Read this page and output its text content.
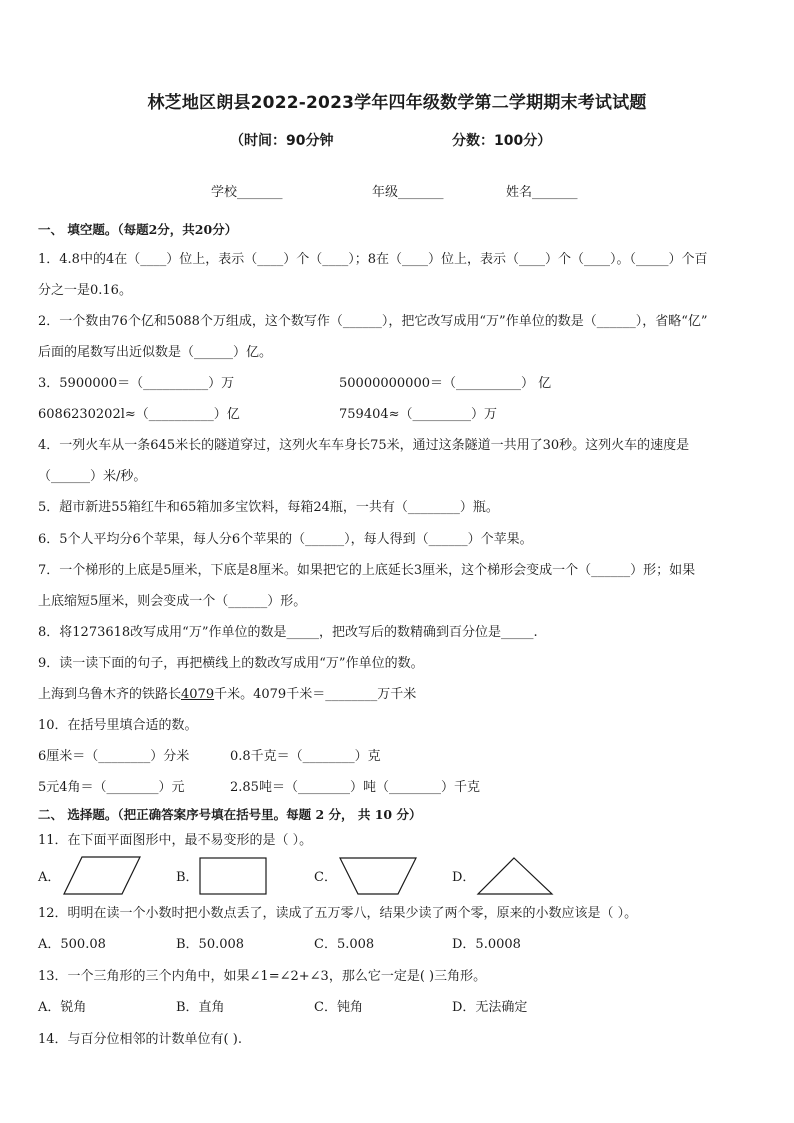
林芝地区朗县2022-2023学年四年级数学第二学期期末考试试题
（时间：90分钟	分数：100分）
学校_______	年级_______	姓名_______
一、 填空题。（每题2分，共20分）
1．4.8中的4在（____）位上，表示（____）个（____）；8在（____）位上，表示（____）个（____）。（_____）个百
分之一是0.16。
2．一个数由76个亿和5088个万组成，这个数写作（______），把它改写成用“万”作单位的数是（______），省略“亿”
后面的尾数写出近似数是（______）亿。
3．5900000＝（__________）万	50000000000＝（__________） 亿
6086230202l≈（__________）亿	759404≈（_________）万
4．一列火车从一条645米长的隧道穿过，这列火车车身长75米，通过这条隧道一共用了30秒。这列火车的速度是
（______）米/秒。
5．超市新进55箱红牛和65箱加多宝饮料，每箱24瓶，一共有（________）瓶。
6．5个人平均分6个苹果，每人分6个苹果的（______），每人得到（______）个苹果。
7．一个梯形的上底是5厘米，下底是8厘米。如果把它的上底延长3厘米，这个梯形会变成一个（______）形；如果
上底缩短5厘米，则会变成一个（______）形。
8．将1273618改写成用“万”作单位的数是_____，把改写后的数精确到百分位是_____.
9．读一读下面的句子，再把横线上的数改写成用“万”作单位的数。
上海到乌鲁木齐的铁路长4079千米。4079千米＝________万千米
10．在括号里填合适的数。
6厘米＝（________）分米	0.8千克＝（________）克
5元4角＝（________）元	2.85吨＝（________）吨（________）千克
二、 选择题。（把正确答案序号填在括号里。每题 2 分， 共 10 分）
11．在下面平面图形中，最不易变形的是（ ）。
A．	B．	C．	D．
12．明明在读一个小数时把小数点丢了，读成了五万零八，结果少读了两个零，原来的小数应该是（ ）。
A．500.08	B．50.008	C．5.008	D．5.0008
13．一个三角形的三个内角中，如果∠1=∠2+∠3，那么它一定是( )三角形。
A．锐角	B．直角	C．钝角	D．无法确定
14．与百分位相邻的计数单位有( ).
